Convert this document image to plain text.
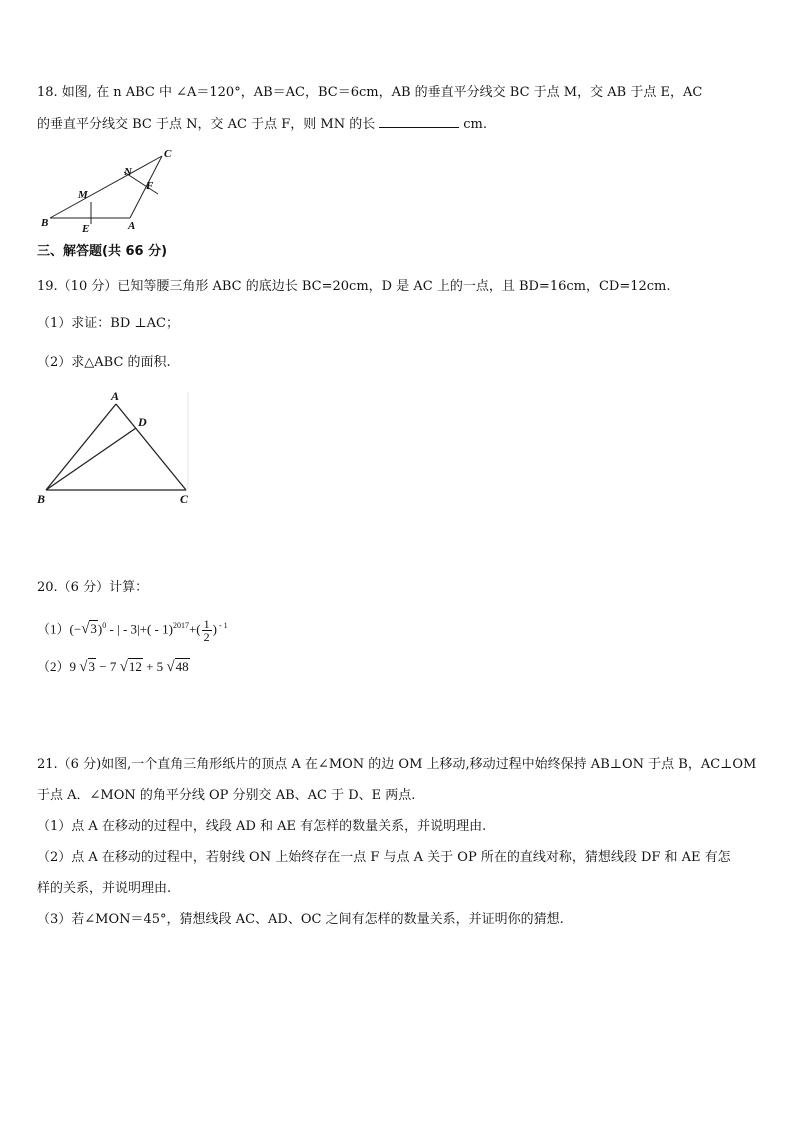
18. 如图, 在 n ABC 中 ∠A＝120°，AB＝AC，BC＝6cm，AB 的垂直平分线交 BC 于点 M，交 AB 于点 E，AC
的垂直平分线交 BC 于点 N，交 AC 于点 F，则 MN 的长	cm.
B	E	A
M
N
F
C
三、解答题(共 66 分)
19.（10 分）已知等腰三角形 ABC 的底边长 BC=20cm，D 是 AC 上的一点，且 BD=16cm，CD=12cm.
（1）求证：BD ⊥AC；
（2）求△ABC 的面积.
A
D
B	C
20.（6 分）计算：
$(1)(-√3)^0$ - | - $3|+( - 1)^{2017}+( \frac{1}{2}$ ) $^{- 1}$
（2）9 √3 − 7 √12 + 5 √48
21.（6 分)如图,一个直角三角形纸片的顶点 A 在∠MON 的边 OM 上移动,移动过程中始终保持 AB⊥ON 于点 B，AC⊥OM
于点 A．∠MON 的角平分线 OP 分别交 AB、AC 于 D、E 两点.
（1）点 A 在移动的过程中，线段 AD 和 AE 有怎样的数量关系，并说明理由.
（2）点 A 在移动的过程中，若射线 ON 上始终存在一点 F 与点 A 关于 OP 所在的直线对称，猜想线段 DF 和 AE 有怎
样的关系，并说明理由.
（3）若∠MON＝45°，猜想线段 AC、AD、OC 之间有怎样的数量关系，并证明你的猜想.
